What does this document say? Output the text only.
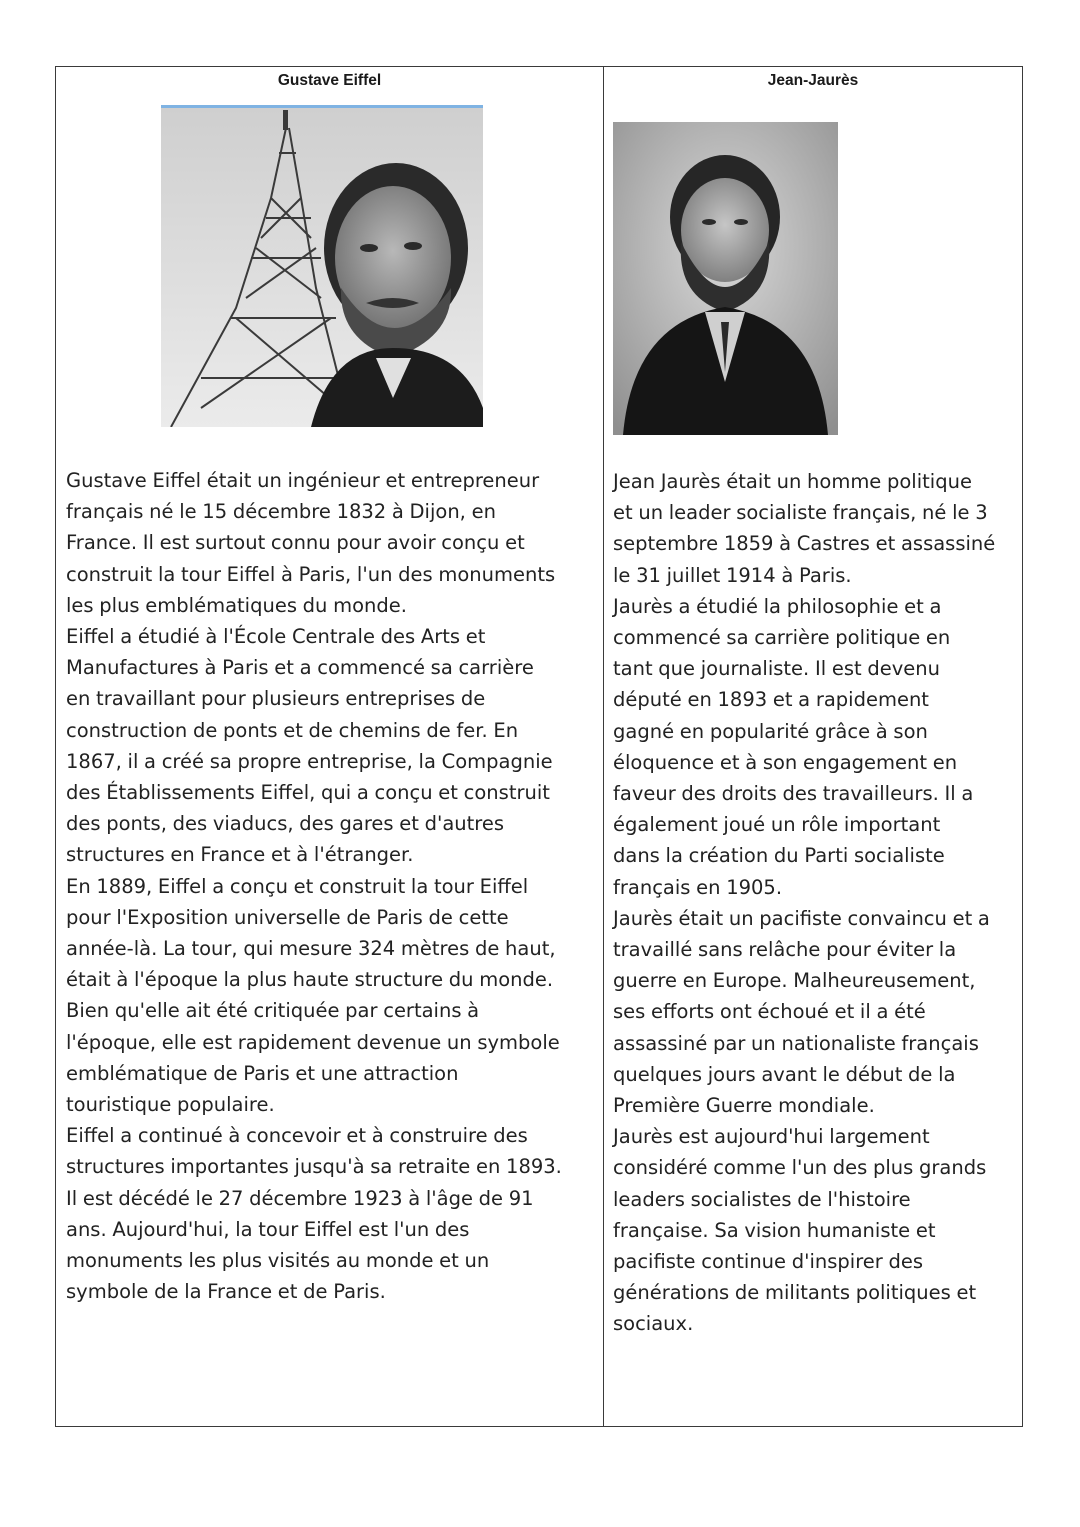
Gustave Eiffel

Gustave Eiffel était un ingénieur et entrepreneur
français né le 15 décembre 1832 à Dijon, en
France. Il est surtout connu pour avoir conçu et
construit la tour Eiffel à Paris, l'un des monuments
les plus emblématiques du monde.
Eiffel a étudié à l'École Centrale des Arts et
Manufactures à Paris et a commencé sa carrière
en travaillant pour plusieurs entreprises de
construction de ponts et de chemins de fer. En
1867, il a créé sa propre entreprise, la Compagnie
des Établissements Eiffel, qui a conçu et construit
des ponts, des viaducs, des gares et d'autres
structures en France et à l'étranger.
En 1889, Eiffel a conçu et construit la tour Eiffel
pour l'Exposition universelle de Paris de cette
année-là. La tour, qui mesure 324 mètres de haut,
était à l'époque la plus haute structure du monde.
Bien qu'elle ait été critiquée par certains à
l'époque, elle est rapidement devenue un symbole
emblématique de Paris et une attraction
touristique populaire.
Eiffel a continué à concevoir et à construire des
structures importantes jusqu'à sa retraite en 1893.
Il est décédé le 27 décembre 1923 à l'âge de 91
ans. Aujourd'hui, la tour Eiffel est l'un des
monuments les plus visités au monde et un
symbole de la France et de Paris.

Jean-Jaurès

Jean Jaurès était un homme politique
et un leader socialiste français, né le 3
septembre 1859 à Castres et assassiné
le 31 juillet 1914 à Paris.
Jaurès a étudié la philosophie et a
commencé sa carrière politique en
tant que journaliste. Il est devenu
député en 1893 et a rapidement
gagné en popularité grâce à son
éloquence et à son engagement en
faveur des droits des travailleurs. Il a
également joué un rôle important
dans la création du Parti socialiste
français en 1905.
Jaurès était un pacifiste convaincu et a
travaillé sans relâche pour éviter la
guerre en Europe. Malheureusement,
ses efforts ont échoué et il a été
assassiné par un nationaliste français
quelques jours avant le début de la
Première Guerre mondiale.
Jaurès est aujourd'hui largement
considéré comme l'un des plus grands
leaders socialistes de l'histoire
française. Sa vision humaniste et
pacifiste continue d'inspirer des
générations de militants politiques et
sociaux.
